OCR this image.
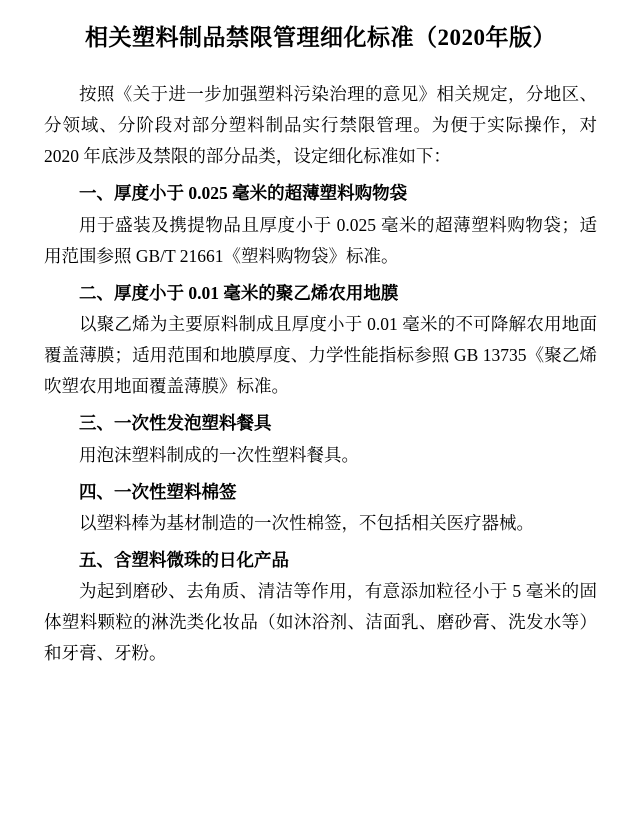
相关塑料制品禁限管理细化标准（2020年版）

按照《关于进一步加强塑料污染治理的意见》相关规定，分地区、分领域、分阶段对部分塑料制品实行禁限管理。为便于实际操作，对 2020 年底涉及禁限的部分品类，设定细化标准如下：

一、厚度小于 0.025 毫米的超薄塑料购物袋

用于盛装及携提物品且厚度小于 0.025 毫米的超薄塑料购物袋；适用范围参照 GB/T 21661《塑料购物袋》标准。

二、厚度小于 0.01 毫米的聚乙烯农用地膜

以聚乙烯为主要原料制成且厚度小于 0.01 毫米的不可降解农用地面覆盖薄膜；适用范围和地膜厚度、力学性能指标参照 GB 13735《聚乙烯吹塑农用地面覆盖薄膜》标准。

三、一次性发泡塑料餐具

用泡沫塑料制成的一次性塑料餐具。

四、一次性塑料棉签

以塑料棒为基材制造的一次性棉签，不包括相关医疗器械。

五、含塑料微珠的日化产品

为起到磨砂、去角质、清洁等作用，有意添加粒径小于 5 毫米的固体塑料颗粒的淋洗类化妆品（如沐浴剂、洁面乳、磨砂膏、洗发水等）和牙膏、牙粉。
